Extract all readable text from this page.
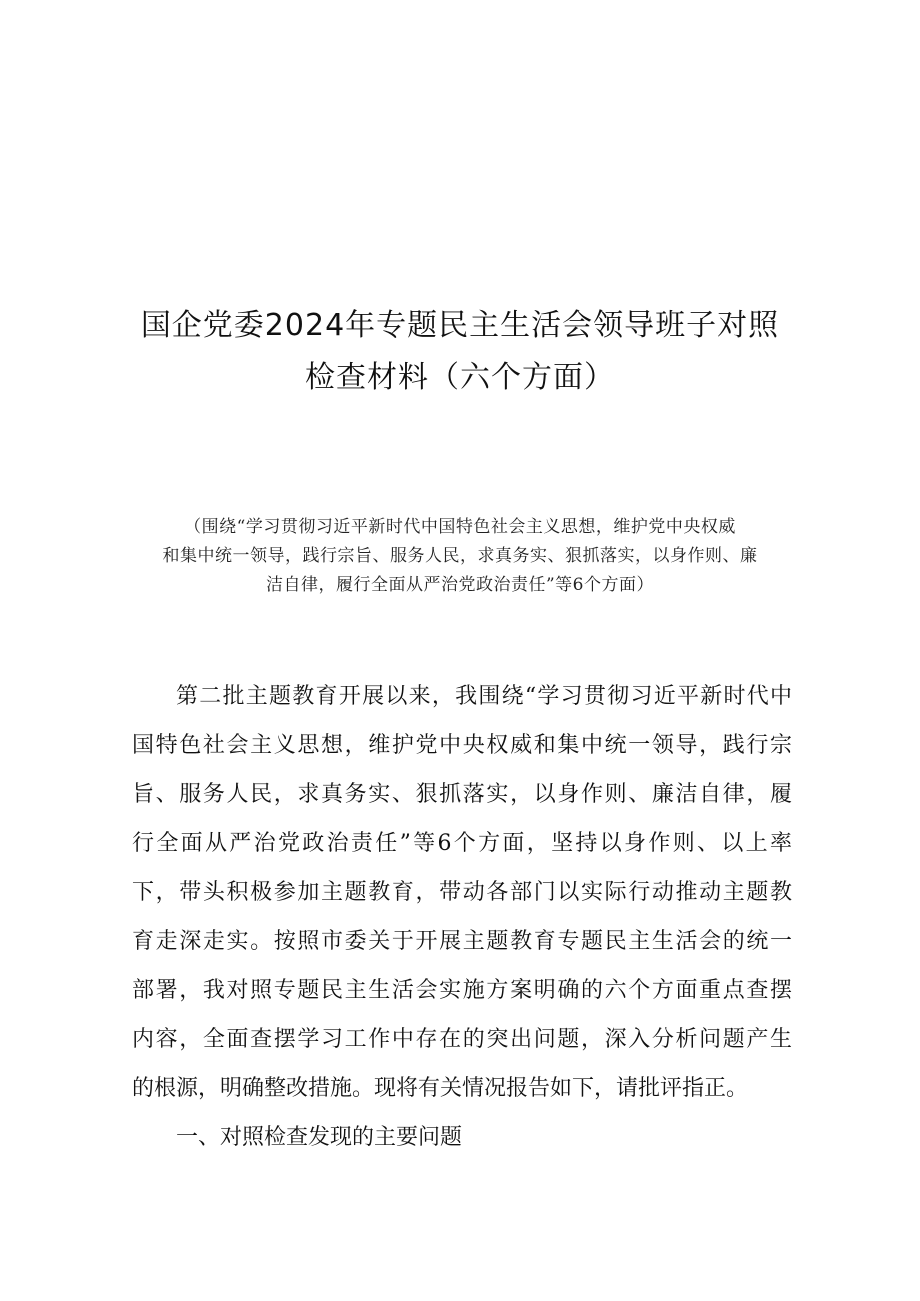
国企党委2024年专题民主生活会领导班子对照
检查材料（六个方面）
（围绕“学习贯彻习近平新时代中国特色社会主义思想，维护党中央权威
和集中统一领导，践行宗旨、服务人民，求真务实、狠抓落实，以身作则、廉
洁自律，履行全面从严治党政治责任”等6个方面）
第二批主题教育开展以来，我围绕“学习贯彻习近平新时代中
国特色社会主义思想，维护党中央权威和集中统一领导，践行宗
旨、服务人民，求真务实、狠抓落实，以身作则、廉洁自律，履
行全面从严治党政治责任”等6个方面，坚持以身作则、以上率
下，带头积极参加主题教育，带动各部门以实际行动推动主题教
育走深走实。按照市委关于开展主题教育专题民主生活会的统一
部署，我对照专题民主生活会实施方案明确的六个方面重点查摆
内容，全面查摆学习工作中存在的突出问题，深入分析问题产生
的根源，明确整改措施。现将有关情况报告如下，请批评指正。
一、对照检查发现的主要问题
